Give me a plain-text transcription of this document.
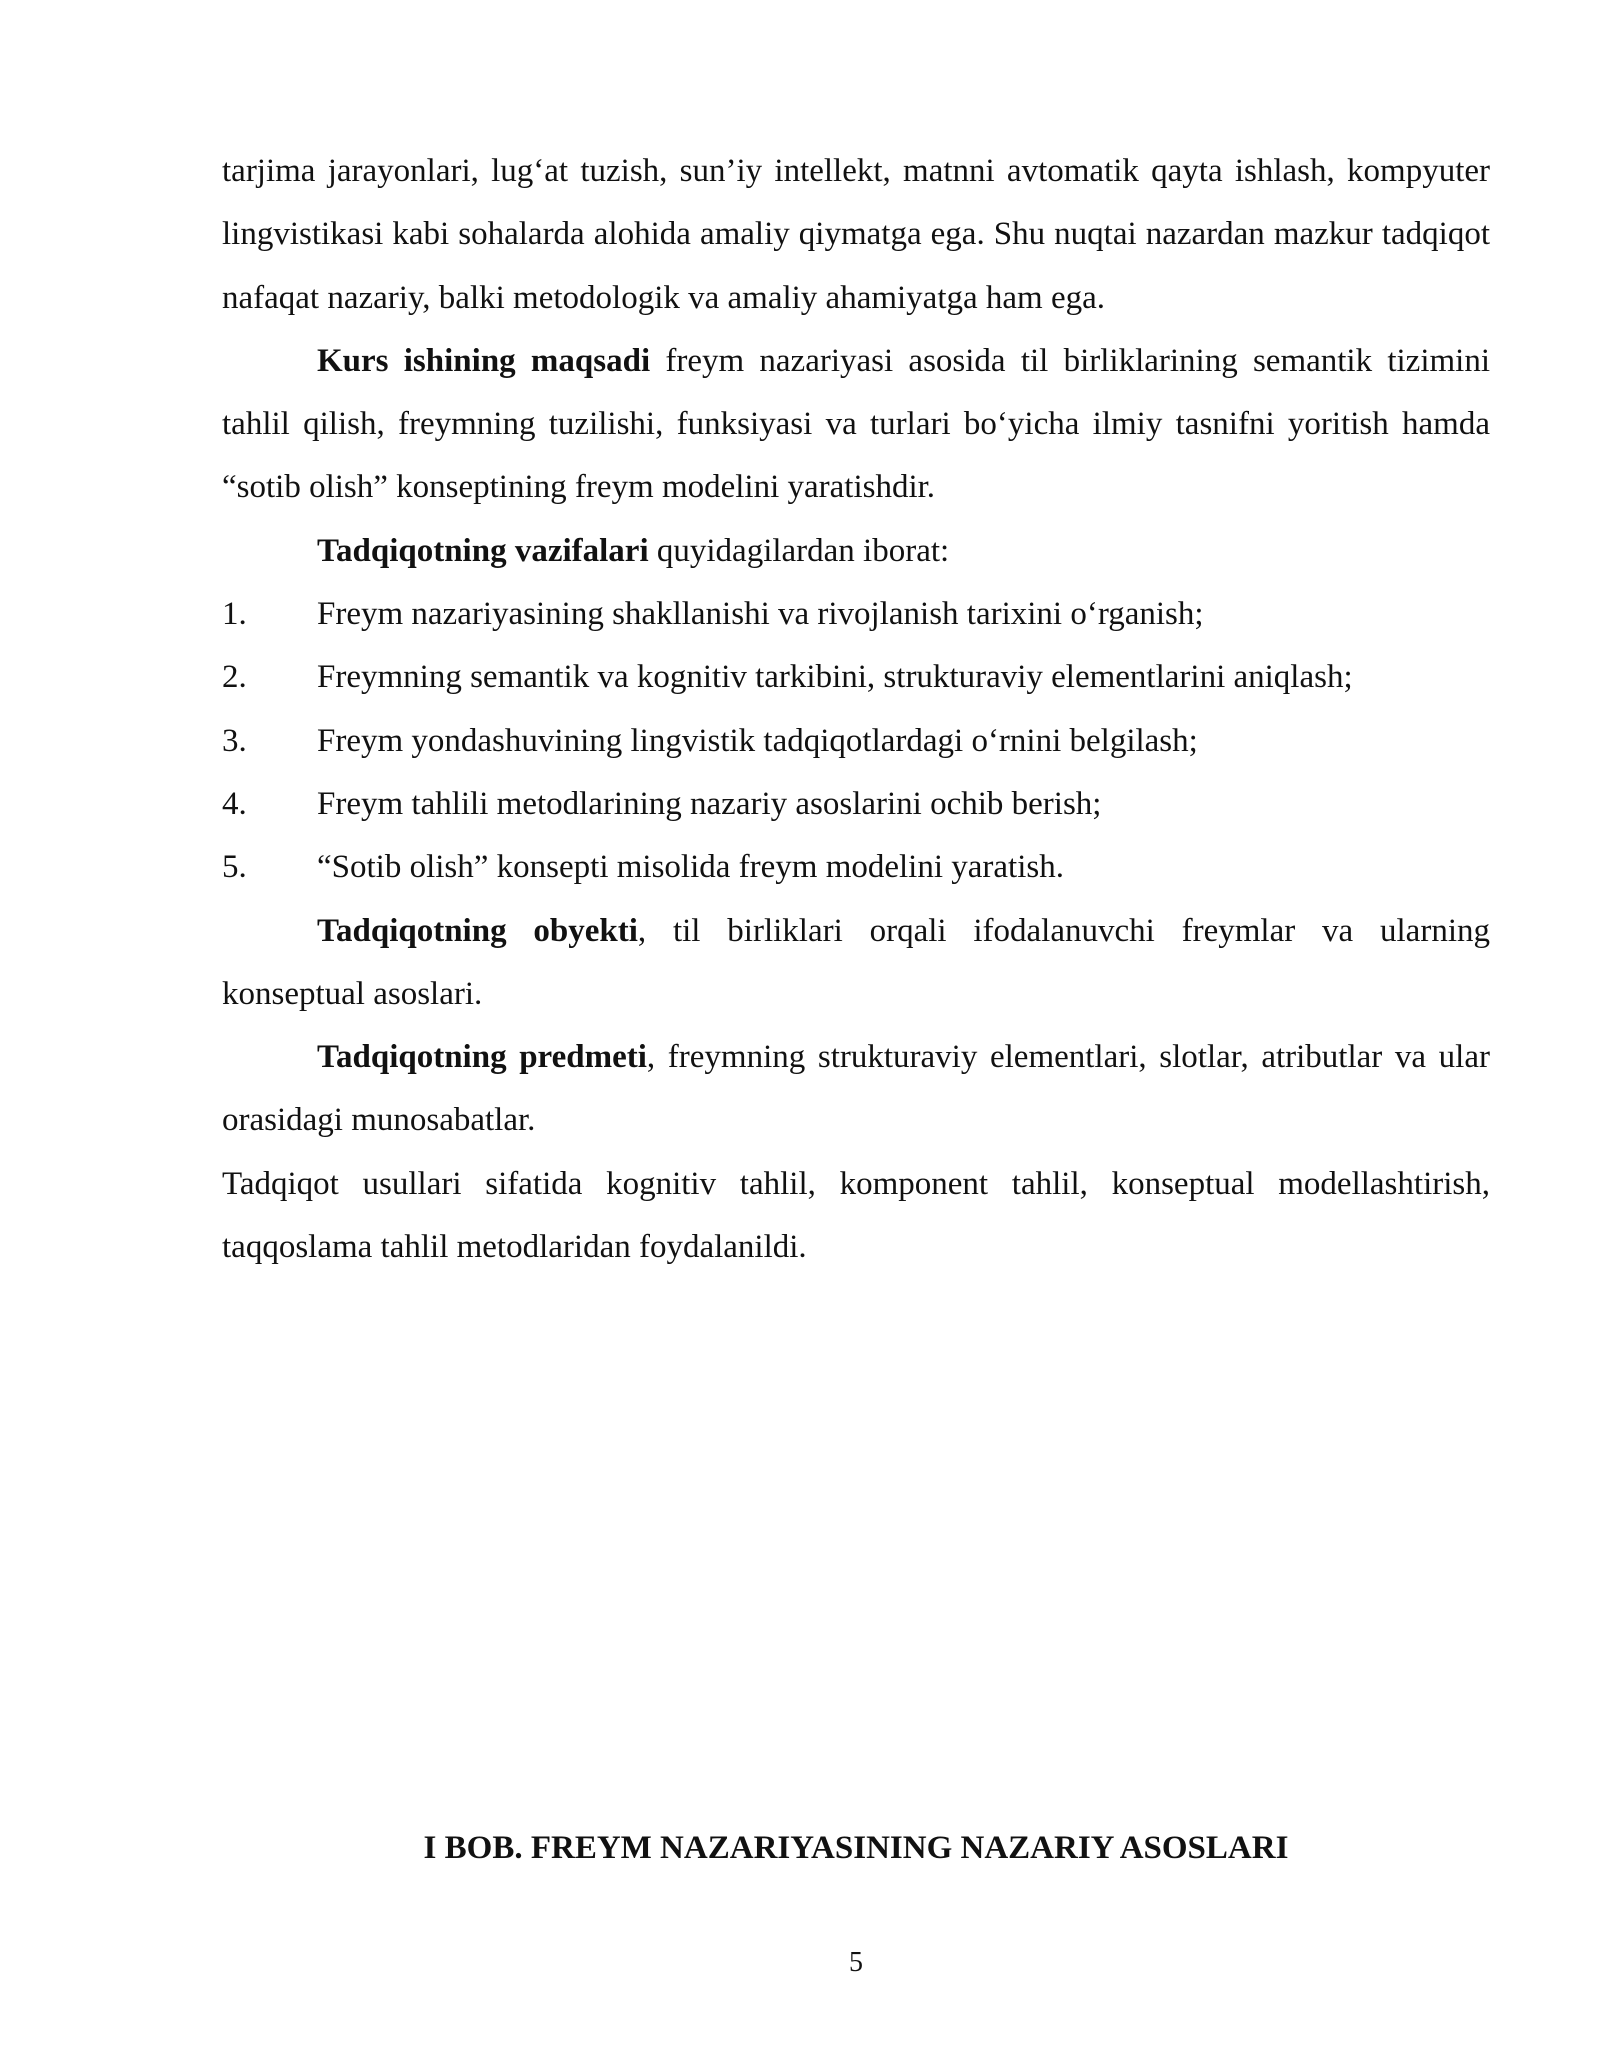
tarjima jarayonlari, lug‘at tuzish, sun’iy intellekt, matnni avtomatik qayta ishlash, kompyuter lingvistikasi kabi sohalarda alohida amaliy qiymatga ega. Shu nuqtai nazardan mazkur tadqiqot nafaqat nazariy, balki metodologik va amaliy ahamiyatga ham ega.

Kurs ishining maqsadi freym nazariyasi asosida til birliklarining semantik tizimini tahlil qilish, freymning tuzilishi, funksiyasi va turlari bo‘yicha ilmiy tasnifni yoritish hamda “sotib olish” konseptining freym modelini yaratishdir.

Tadqiqotning vazifalari quyidagilardan iborat:

1.	Freym nazariyasining shakllanishi va rivojlanish tarixini o‘rganish;
2.	Freymning semantik va kognitiv tarkibini, strukturaviy elementlarini aniqlash;
3.	Freym yondashuvining lingvistik tadqiqotlardagi o‘rnini belgilash;
4.	Freym tahlili metodlarining nazariy asoslarini ochib berish;
5.	“Sotib olish” konsepti misolida freym modelini yaratish.

Tadqiqotning obyekti, til birliklari orqali ifodalanuvchi freymlar va ularning konseptual asoslari.

Tadqiqotning predmeti, freymning strukturaviy elementlari, slotlar, atributlar va ular orasidagi munosabatlar.

Tadqiqot usullari sifatida kognitiv tahlil, komponent tahlil, konseptual modellashtirish, taqqoslama tahlil metodlaridan foydalanildi.

I BOB. FREYM NAZARIYASINING NAZARIY ASOSLARI
5
